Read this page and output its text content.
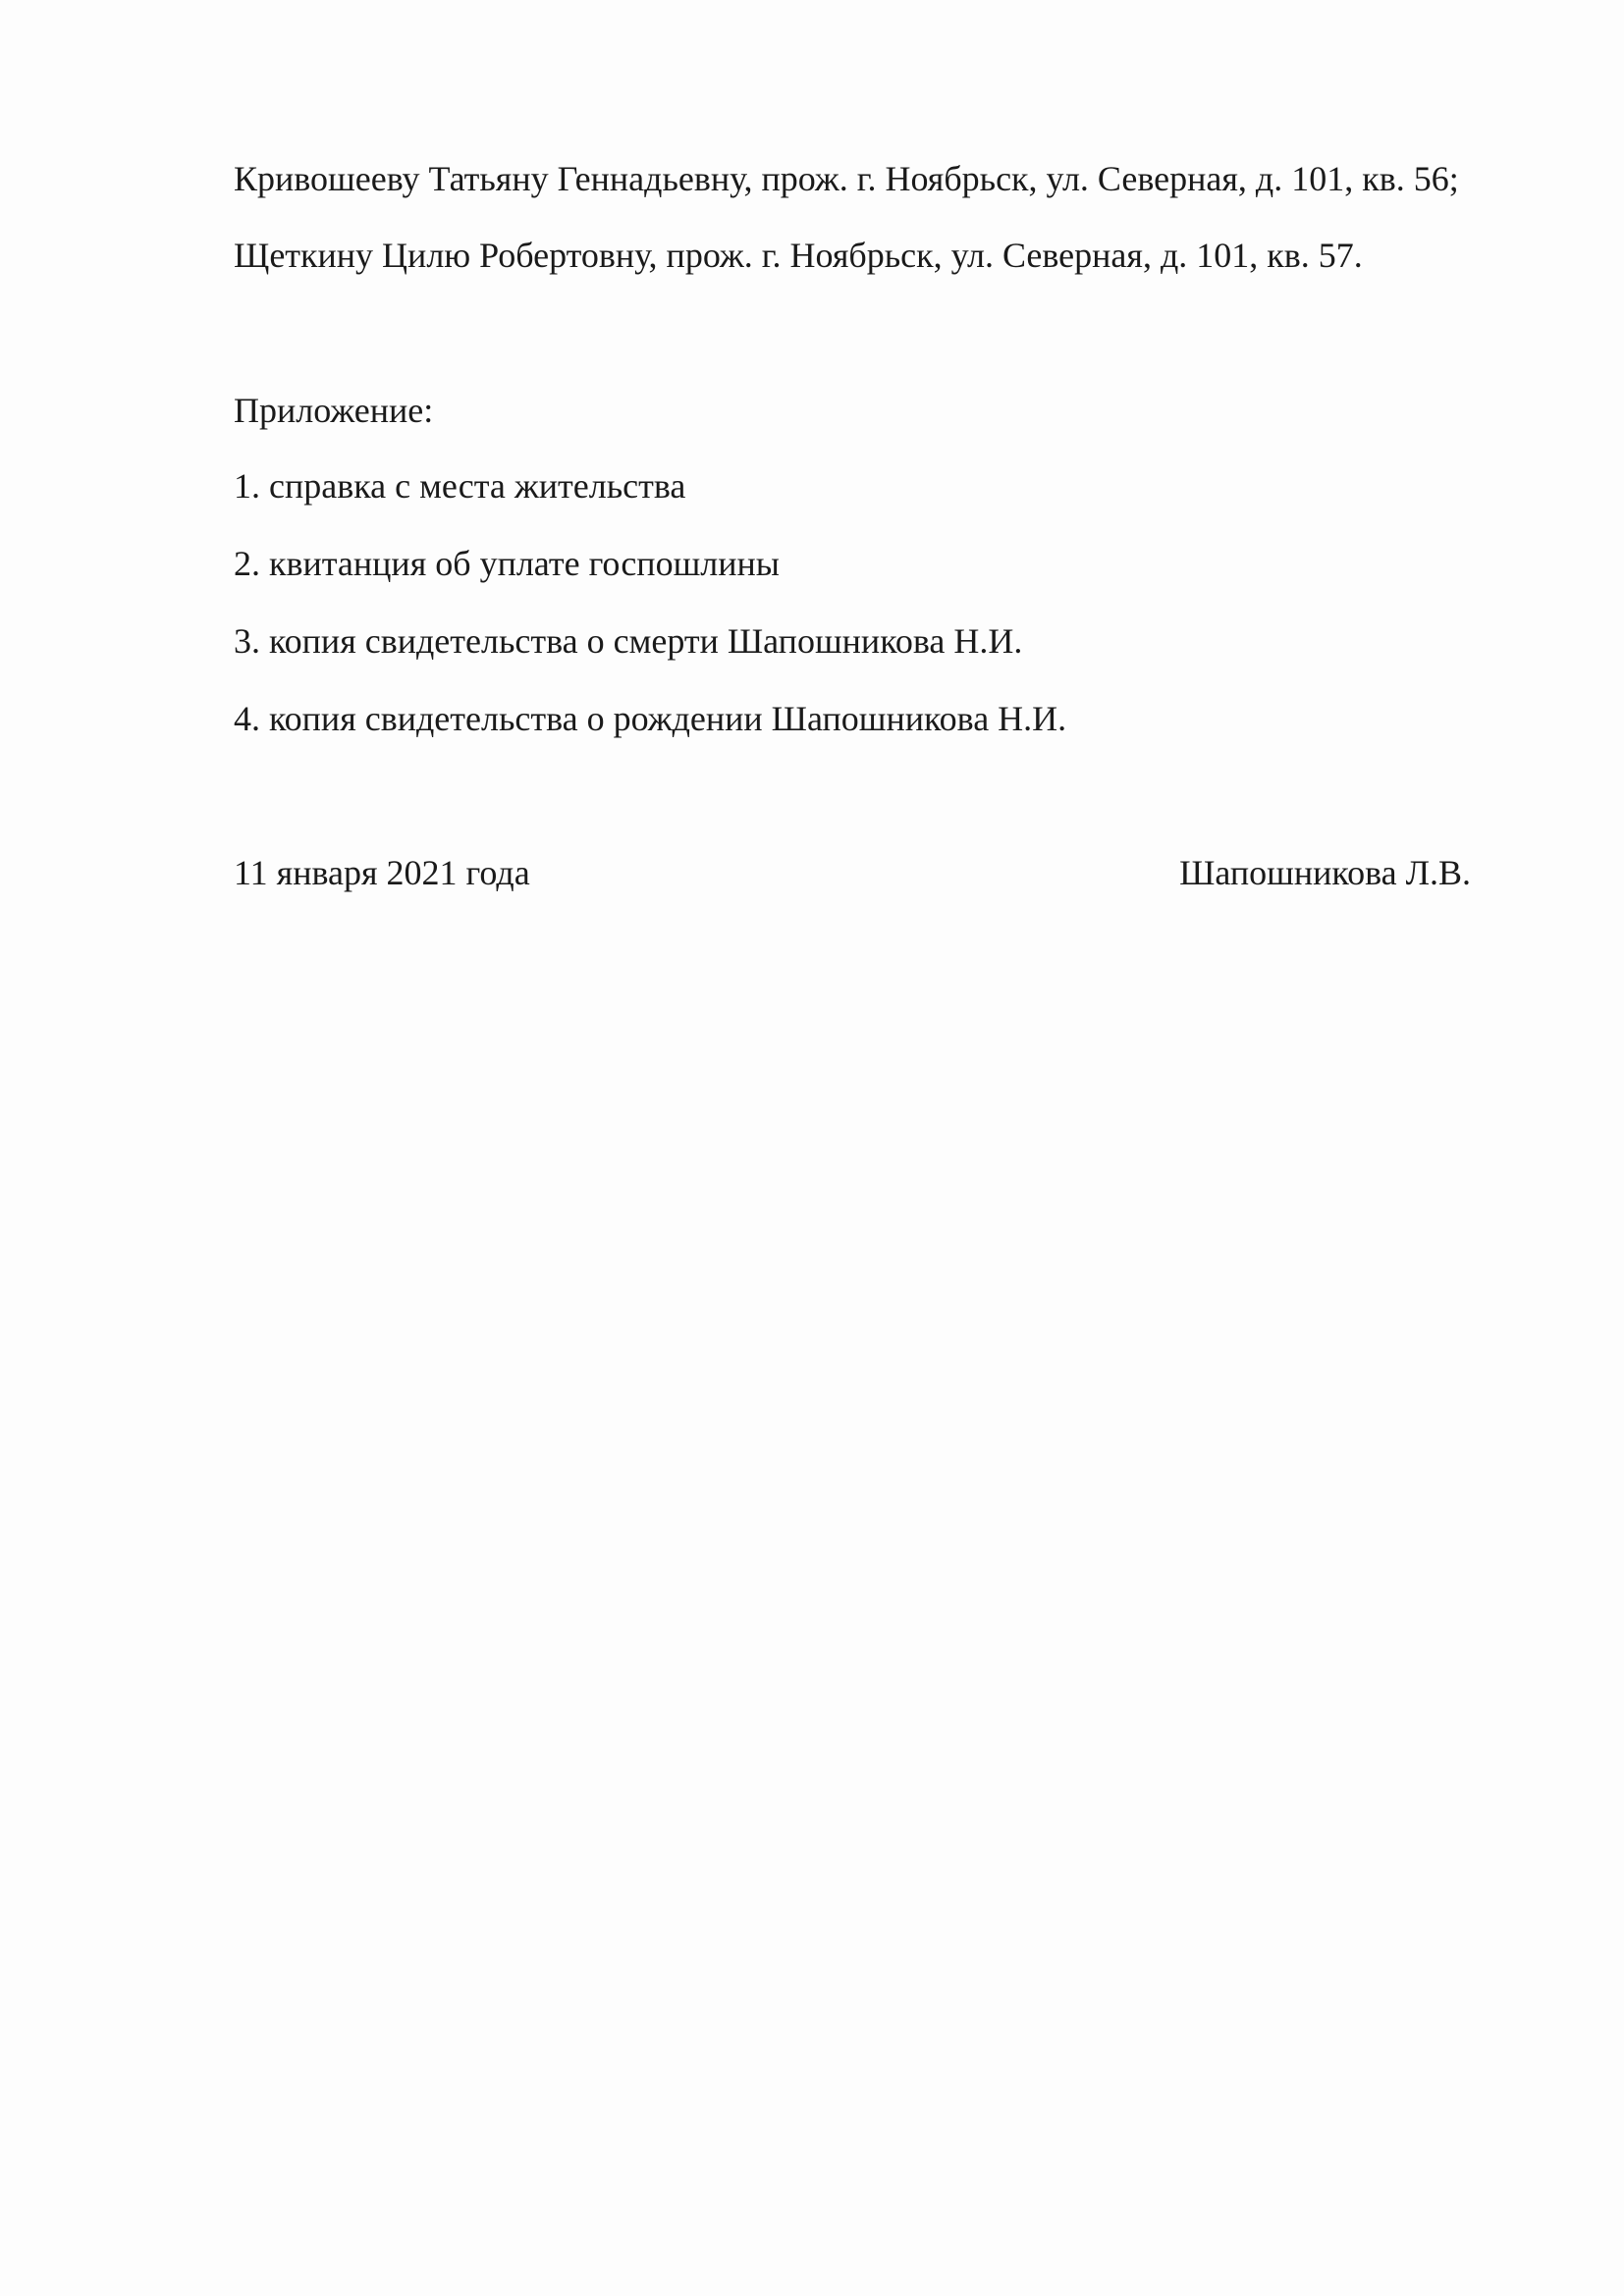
Кривошееву Татьяну Геннадьевну, прож. г. Ноябрьск, ул. Северная, д. 101, кв. 56;

Щеткину Цилю Робертовну, прож. г. Ноябрьск, ул. Северная, д. 101, кв. 57.

Приложение:

1. справка с места жительства
2. квитанция об уплате госпошлины
3. копия свидетельства о смерти Шапошникова Н.И.
4. копия свидетельства о рождении Шапошникова Н.И.
11 января 2021 года	Шапошникова Л.В.
